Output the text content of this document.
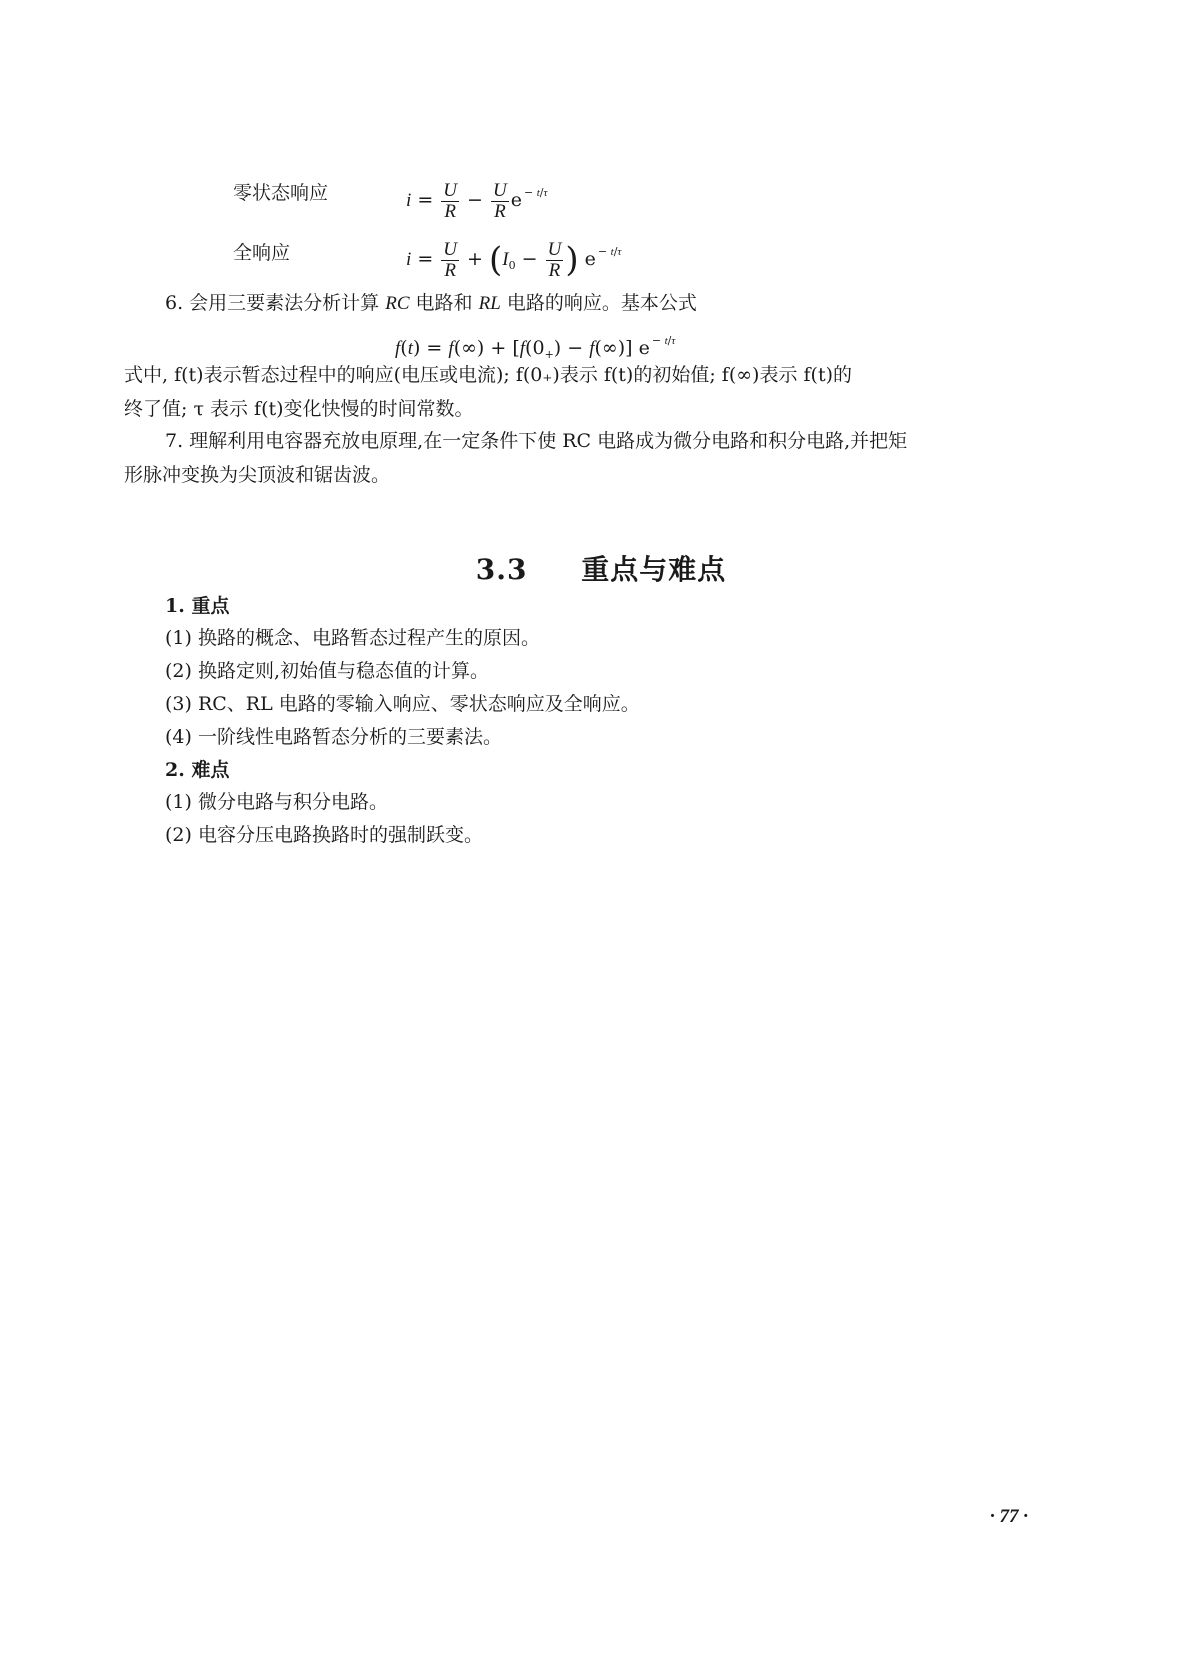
零状态响应	$i = \frac{U}{R} - \frac{U}{R}$ e $^{- t/\tau}$
全响应	$i = \frac{U}{R} + (I_0 - \frac{U}{R}$ ) e $^{- t/\tau}$
6. 会用三要素法分析计算 RC 电路和 RL 电路的响应。基本公式
$f(t) = f(\infty) + [f(0_+) - f(\infty)]$ e $^{- t/\tau}$
式中, f(t)表示暂态过程中的响应(电压或电流); f(0₊)表示 f(t)的初始值; f(∞)表示 f(t)的
终了值; τ 表示 f(t)变化快慢的时间常数。
7. 理解利用电容器充放电原理,在一定条件下使 RC 电路成为微分电路和积分电路,并把矩
形脉冲变换为尖顶波和锯齿波。
3.3 重点与难点
1. 重点
(1) 换路的概念、电路暂态过程产生的原因。
(2) 换路定则,初始值与稳态值的计算。
(3) RC、RL 电路的零输入响应、零状态响应及全响应。
(4) 一阶线性电路暂态分析的三要素法。
2. 难点
(1) 微分电路与积分电路。
(2) 电容分压电路换路时的强制跃变。
· 77 ·
